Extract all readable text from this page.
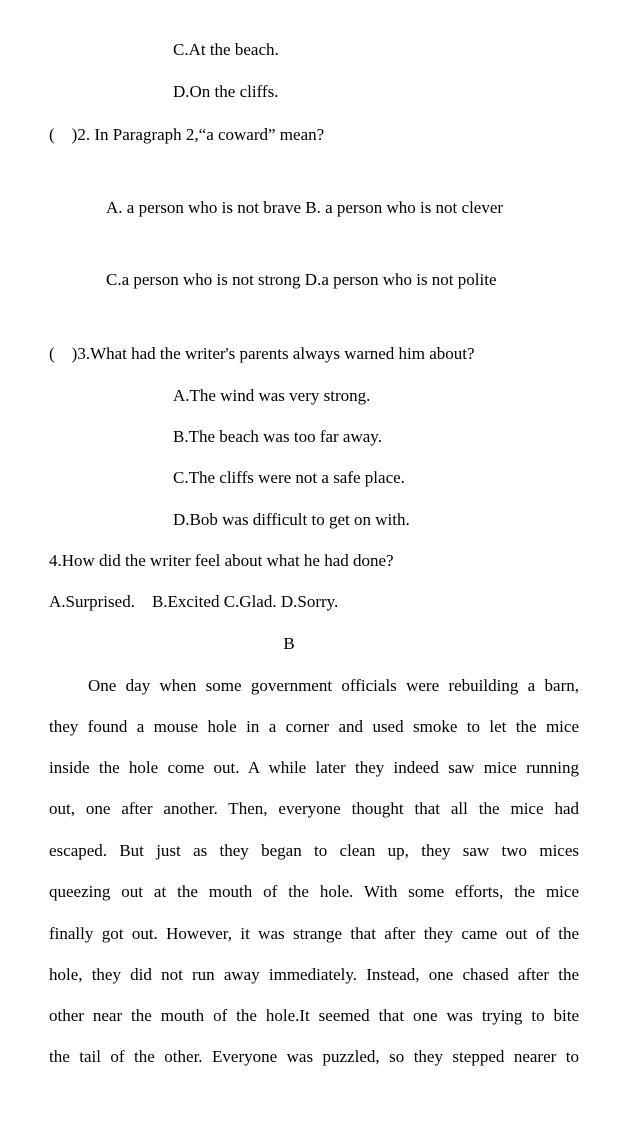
C.At the beach.
D.On the cliffs.
(    )2. In Paragraph 2,“a coward” mean?
A. a person who is not brave B. a person who is not clever
C.a person who is not strong D.a person who is not polite
(    )3.What had the writer's parents always warned him about?
A.The wind was very strong.
B.The beach was too far away.
C.The cliffs were not a safe place.
D.Bob was difficult to get on with.
4.How did the writer feel about what he had done?
A.Surprised.    B.Excited C.Glad. D.Sorry.
B
One day when some government officials were rebuilding a barn,
they found a mouse hole in a corner and used smoke to let the mice
inside the hole come out. A while later they indeed saw mice running
out, one after another. Then, everyone thought that all the mice had
escaped. But just as they began to clean up, they saw two mices
queezing out at the mouth of the hole. With some efforts, the mice
finally got out. However, it was strange that after they came out of the
hole, they did not run away immediately. Instead, one chased after the
other near the mouth of the hole.It seemed that one was trying to bite
the tail of the other. Everyone was puzzled, so they stepped nearer to
